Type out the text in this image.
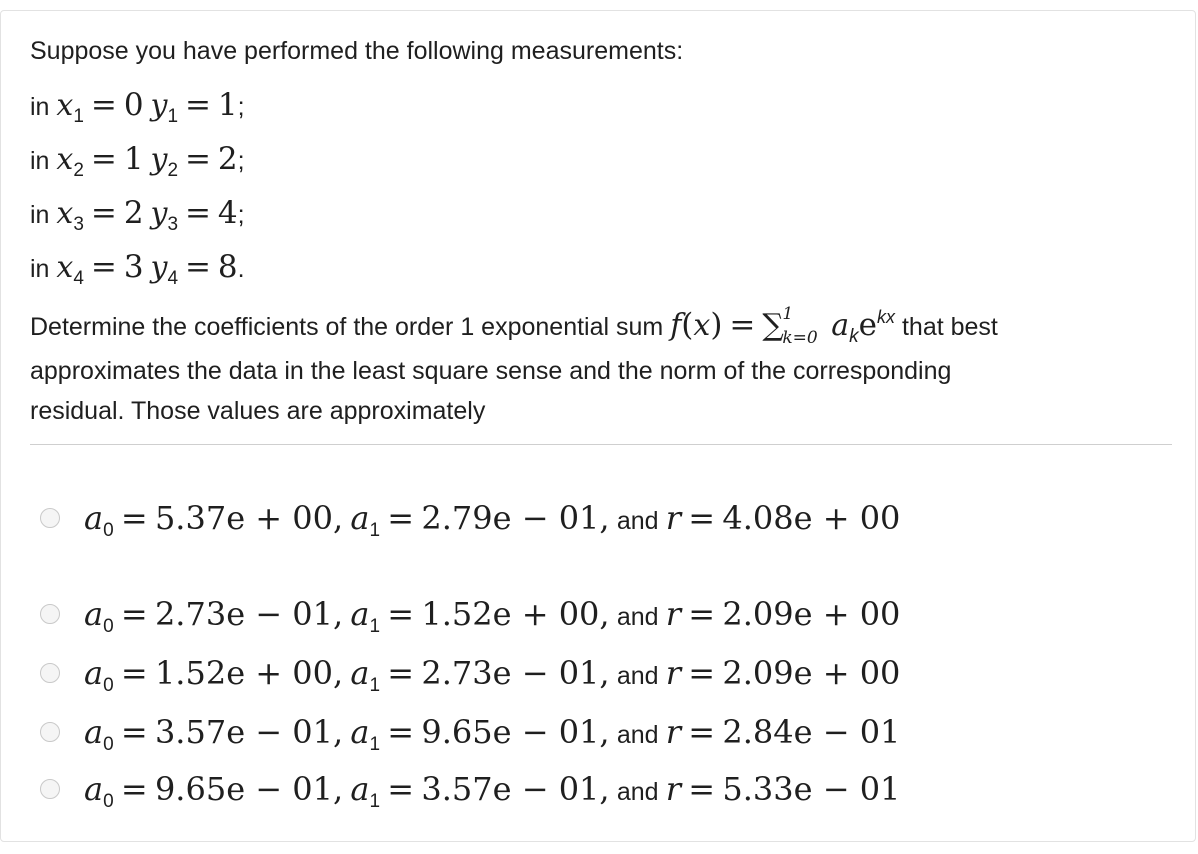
Suppose you have performed the following measurements:
in $x_1 = 0$ $y_1 = 1$;
in $x_2 = 1$ $y_2 = 2$;
in $x_3 = 2$ $y_3 = 4$;
in $x_4 = 3$ $y_4 = 8$.
Determine the coefficients of the order 1 exponential sum f(x) = ∑
1
k=0 $a_ke^{kx}$ that best
approximates the data in the least square sense and the norm of the corresponding
residual. Those values are approximately
$a_0 = 5.37e + 00$, $a_1 = 2.79e - 01$, and r = 4.08e + 00
$a_0 = 2.73e - 01$, $a_1 = 1.52e + 00$, and r = 2.09e + 00
$a_0 = 1.52e + 00$, $a_1 = 2.73e - 01$, and r = 2.09e + 00
$a_0 = 3.57e - 01$, $a_1 = 9.65e - 01$, and r = 2.84e − 01
$a_0 = 9.65e - 01$, $a_1 = 3.57e - 01$, and r = 5.33e − 01
